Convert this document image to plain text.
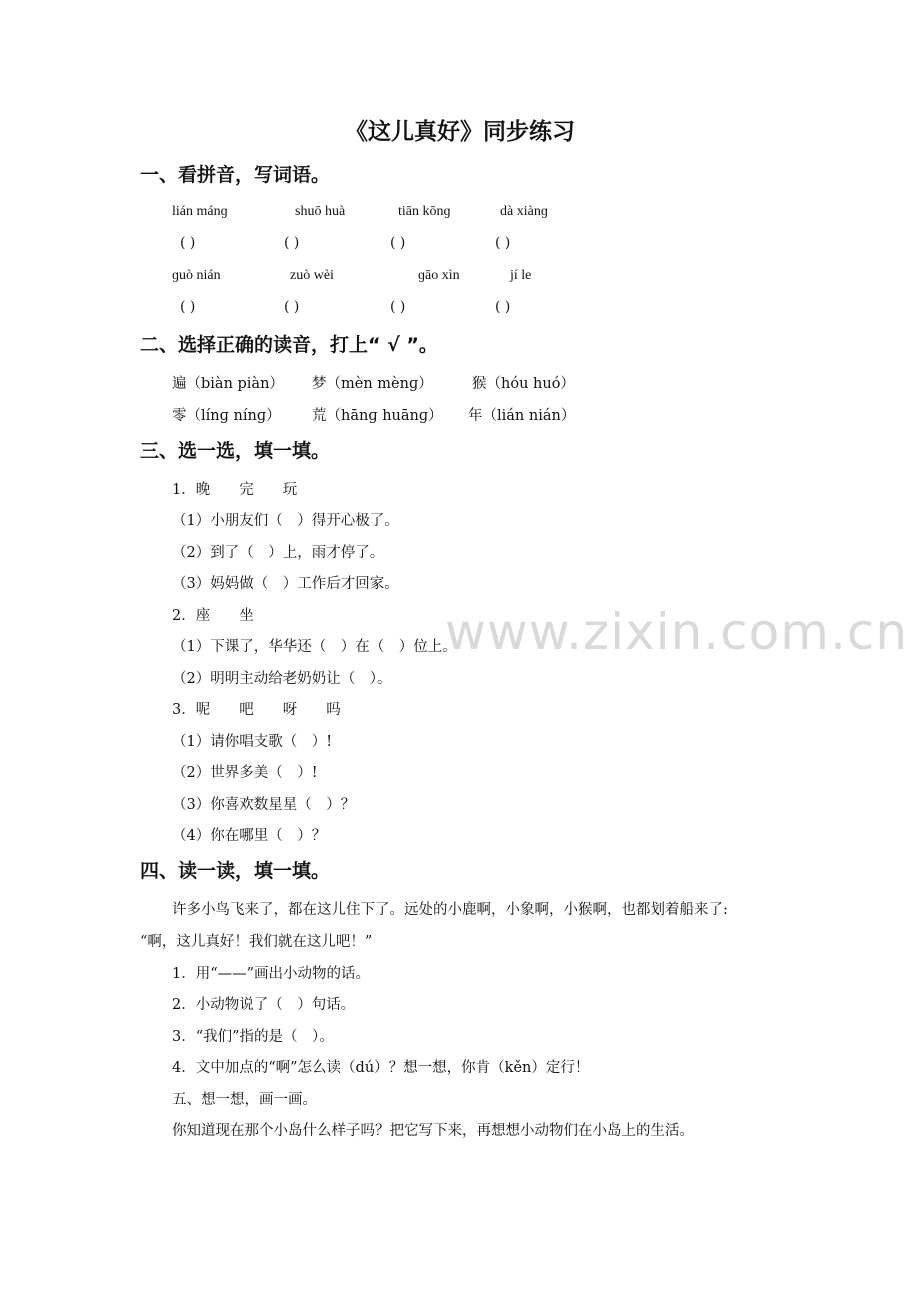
《这儿真好》同步练习
一、看拼音，写词语。
lián mánɡ	shuō huà	tiān kōnɡ	dà xiànɡ
( )	( )	( )	( )
ɡuò nián	zuò wèi	ɡāo xìn	jí le
( )	( )	( )	( )
二、选择正确的读音，打上“ √ ”。
遍（biàn piàn） 梦（mèn mènɡ）	猴（hóu huó）
零（línɡ nínɡ） 荒（hānɡ huānɡ） 年（lián nián）
三、选一选，填一填。
1．晚　　完　　玩
（1）小朋友们（　）得开心极了。
（2）到了（　）上，雨才停了。
（3）妈妈做（　）工作后才回家。
2．座　　坐
（1）下课了，华华还（　）在（　）位上。
（2）明明主动给老奶奶让（　）。
3．呢　　吧　　呀　　吗
（1）请你唱支歌（　）!
（2）世界多美（　）!
（3）你喜欢数星星（　）？
（4）你在哪里（　）？
四、读一读，填一填。
许多小鸟飞来了，都在这儿住下了。远处的小鹿啊，小象啊，小猴啊，也都划着船来了:
“啊，这儿真好！我们就在这儿吧！”
1．用“——”画出小动物的话。
2．小动物说了（　）句话。
3．“我们”指的是（　）。
4．文中加点的“啊”怎么读（dú）？想一想，你肯（kěn）定行！
五、想一想，画一画。
你知道现在那个小岛什么样子吗？把它写下来，再想想小动物们在小岛上的生活。
www.zixin.com.cn
